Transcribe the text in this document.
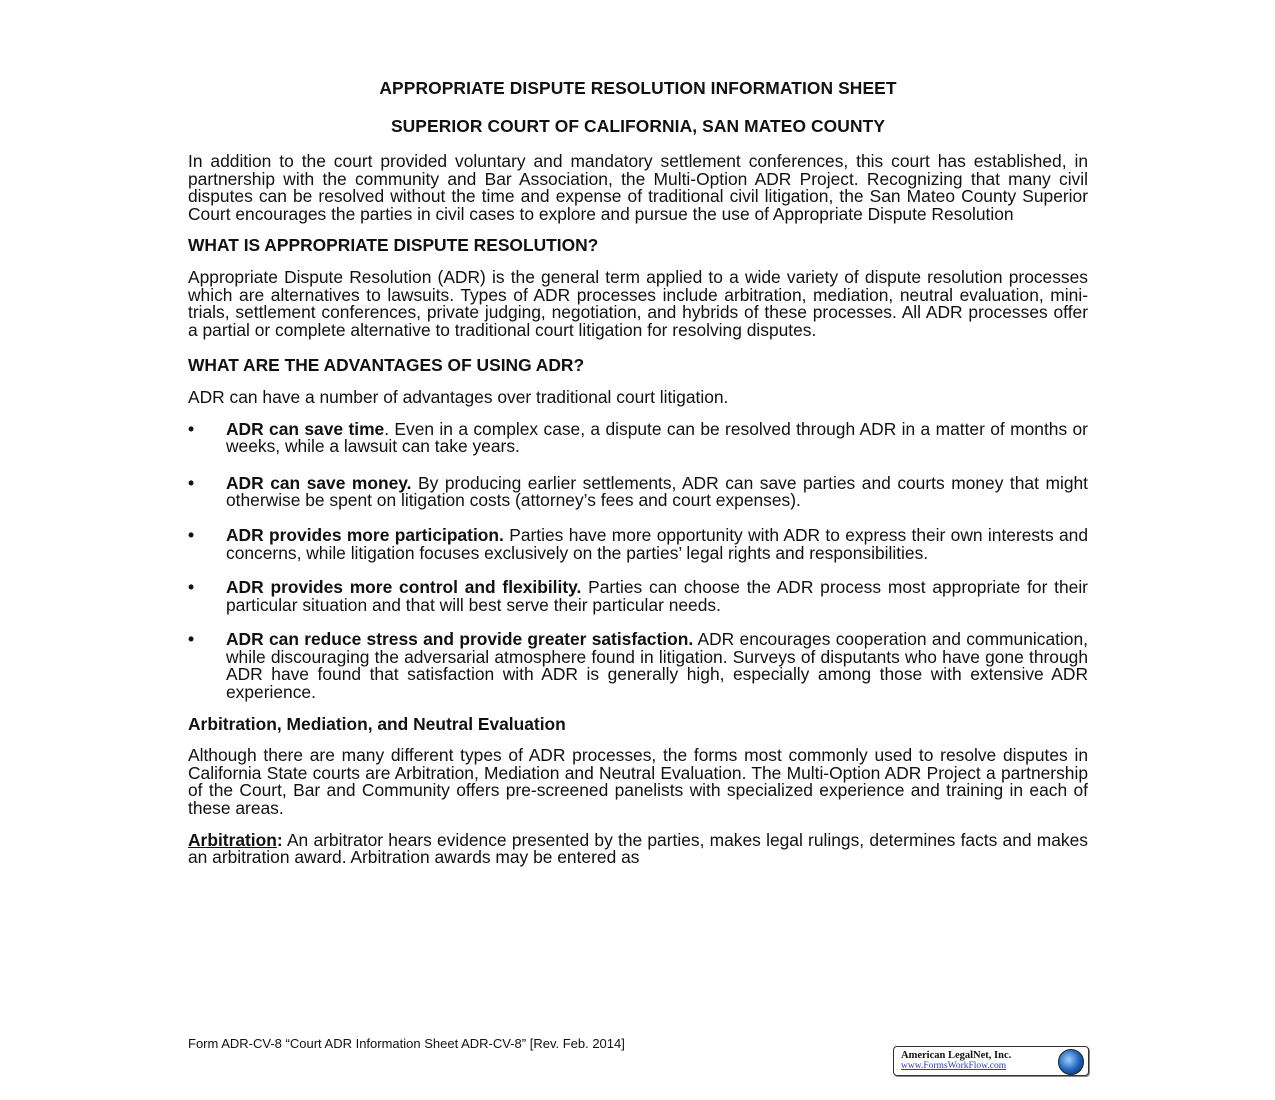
APPROPRIATE DISPUTE RESOLUTION INFORMATION SHEET
SUPERIOR COURT OF CALIFORNIA, SAN MATEO COUNTY

In addition to the court provided voluntary and mandatory settlement conferences, this court has established, in partnership with the community and Bar Association, the Multi-Option ADR Project. Recognizing that many civil disputes can be resolved without the time and expense of traditional civil litigation, the San Mateo County Superior Court encourages the parties in civil cases to explore and pursue the use of Appropriate Dispute Resolution

WHAT IS APPROPRIATE DISPUTE RESOLUTION?

Appropriate Dispute Resolution (ADR) is the general term applied to a wide variety of dispute resolution processes which are alternatives to lawsuits. Types of ADR processes include arbitration, mediation, neutral evaluation, mini-trials, settlement conferences, private judging, negotiation, and hybrids of these processes. All ADR processes offer a partial or complete alternative to traditional court litigation for resolving disputes.

WHAT ARE THE ADVANTAGES OF USING ADR?

ADR can have a number of advantages over traditional court litigation.

• ADR can save time. Even in a complex case, a dispute can be resolved through ADR in a matter of months or weeks, while a lawsuit can take years.
• ADR can save money. By producing earlier settlements, ADR can save parties and courts money that might otherwise be spent on litigation costs (attorney’s fees and court expenses).
• ADR provides more participation. Parties have more opportunity with ADR to express their own interests and concerns, while litigation focuses exclusively on the parties’ legal rights and responsibilities.
• ADR provides more control and flexibility. Parties can choose the ADR process most appropriate for their particular situation and that will best serve their particular needs.
• ADR can reduce stress and provide greater satisfaction. ADR encourages cooperation and communication, while discouraging the adversarial atmosphere found in litigation. Surveys of disputants who have gone through ADR have found that satisfaction with ADR is generally high, especially among those with extensive ADR experience.
Arbitration, Mediation, and Neutral Evaluation

Although there are many different types of ADR processes, the forms most commonly used to resolve disputes in California State courts are Arbitration, Mediation and Neutral Evaluation. The Multi-Option ADR Project a partnership of the Court, Bar and Community offers pre-screened panelists with specialized experience and training in each of these areas.

Arbitration: An arbitrator hears evidence presented by the parties, makes legal rulings, determines facts and makes an arbitration award. Arbitration awards may be entered as

Form ADR-CV-8 “Court ADR Information Sheet ADR-CV-8” [Rev. Feb. 2014]
American LegalNet, Inc.
www.FormsWorkFlow.com
